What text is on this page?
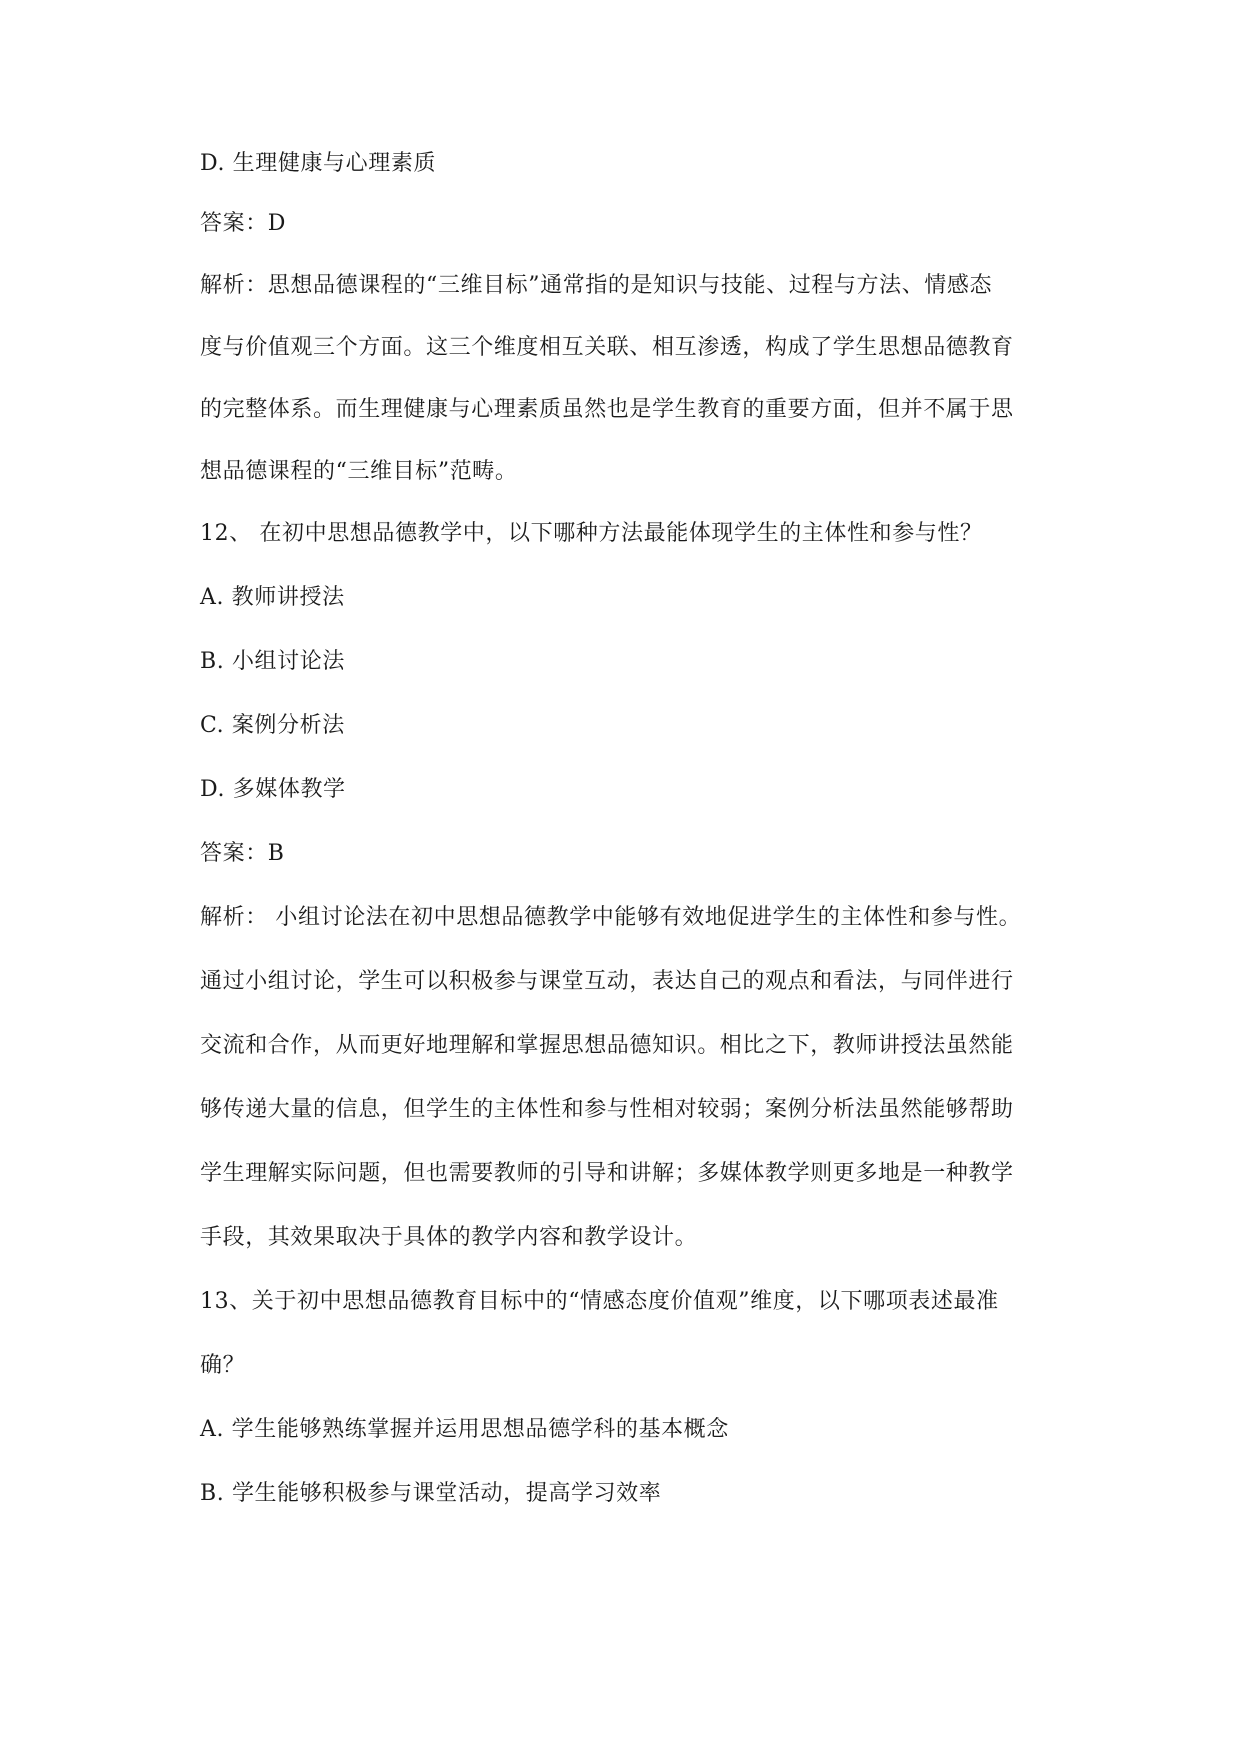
D. 生理健康与心理素质
答案：D
解析：思想品德课程的“三维目标”通常指的是知识与技能、过程与方法、情感态
度与价值观三个方面。这三个维度相互关联、相互渗透，构成了学生思想品德教育
的完整体系。而生理健康与心理素质虽然也是学生教育的重要方面，但并不属于思
想品德课程的“三维目标”范畴。
12、 在初中思想品德教学中，以下哪种方法最能体现学生的主体性和参与性？
A. 教师讲授法
B. 小组讨论法
C. 案例分析法
D. 多媒体教学
答案：B
解析： 小组讨论法在初中思想品德教学中能够有效地促进学生的主体性和参与性。
通过小组讨论，学生可以积极参与课堂互动，表达自己的观点和看法，与同伴进行
交流和合作，从而更好地理解和掌握思想品德知识。相比之下，教师讲授法虽然能
够传递大量的信息，但学生的主体性和参与性相对较弱；案例分析法虽然能够帮助
学生理解实际问题，但也需要教师的引导和讲解；多媒体教学则更多地是一种教学
手段，其效果取决于具体的教学内容和教学设计。
13、关于初中思想品德教育目标中的“情感态度价值观”维度，以下哪项表述最准
确？
A. 学生能够熟练掌握并运用思想品德学科的基本概念
B. 学生能够积极参与课堂活动，提高学习效率
